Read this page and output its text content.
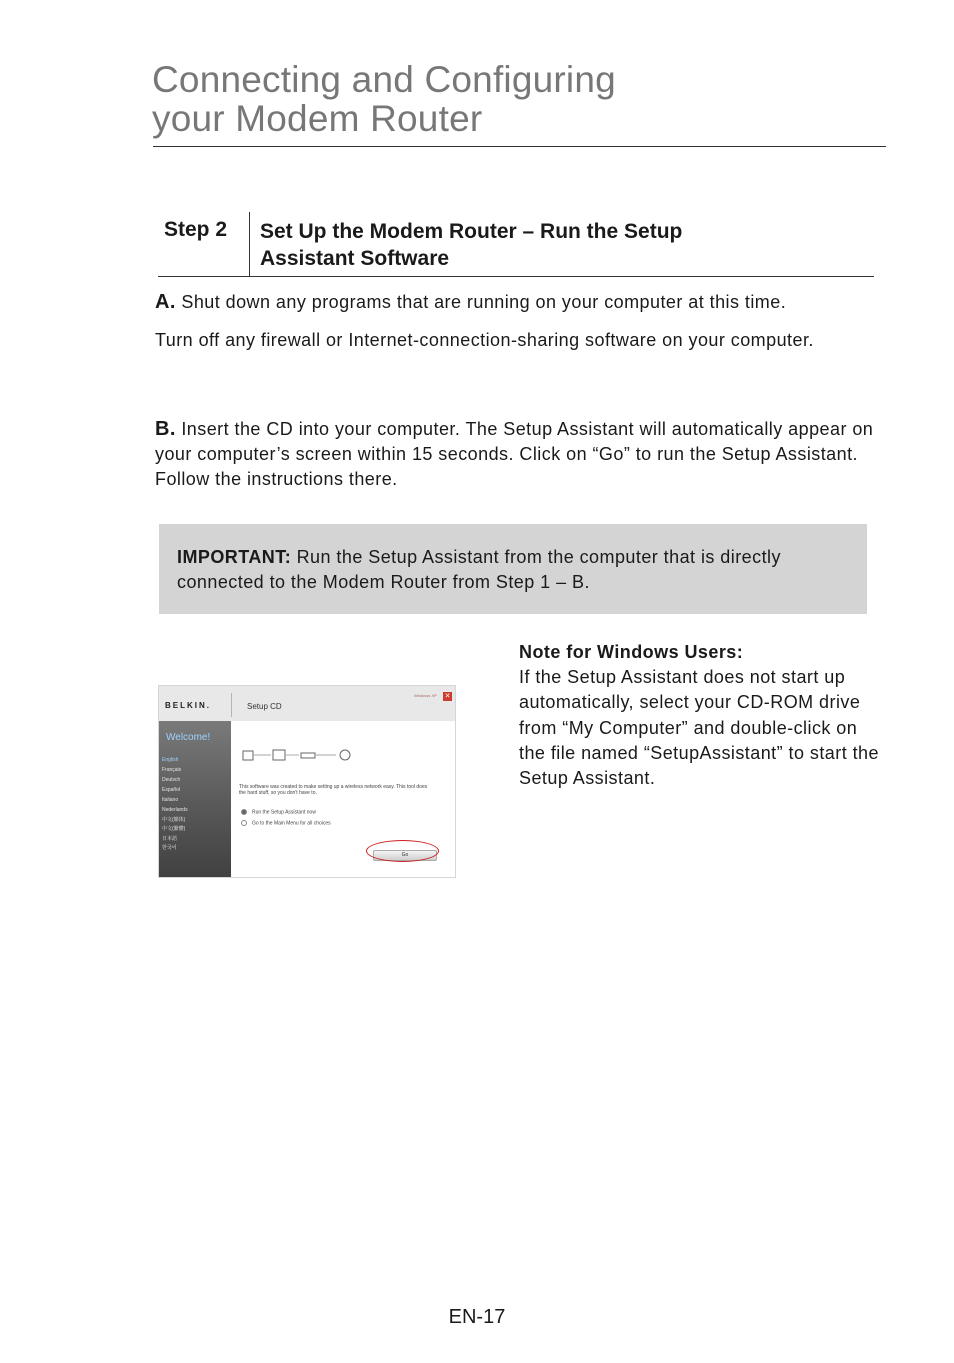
Connecting and Configuring
your Modem Router
Step 2 Set Up the Modem Router – Run the Setup
Assistant Software
A. Shut down any programs that are running on your computer at this time.
Turn off any firewall or Internet-connection-sharing software on your computer.
B. Insert the CD into your computer. The Setup Assistant will automatically appear on your computer’s screen within 15 seconds. Click on “Go” to run the Setup Assistant. Follow the instructions there.
IMPORTANT: Run the Setup Assistant from the computer that is directly connected to the Modem Router from Step 1 – B.
BELKIN.	Setup CD
Windows XP ✕
Welcome!
English
Français
Deutsch
Español
Italiano
Nederlands
中文(簡体)
中文(繁體)
日本語
한국어
This software was created to make setting up a wireless network easy. This tool does
the hard stuff, so you don't have to.
Run the Setup Assistant now
Go to the Main Menu for all choices
Go
Note for Windows Users:
If the Setup Assistant does not start up automatically, select your CD-ROM drive from “My Computer” and double-click on the file named “SetupAssistant” to start the Setup Assistant.
EN-17
